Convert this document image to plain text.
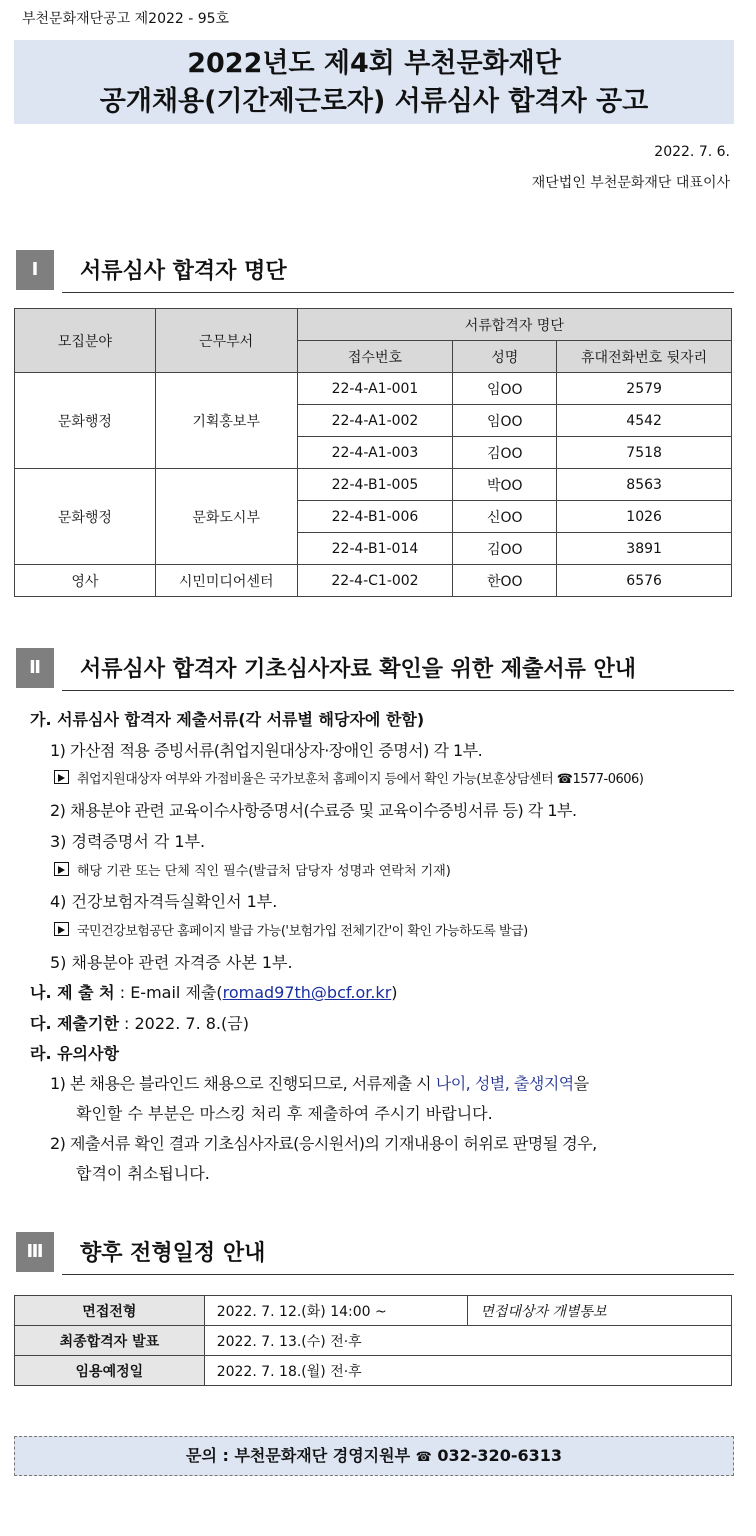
부천문화재단공고 제2022 - 95호
2022년도 제4회 부천문화재단
공개채용(기간제근로자) 서류심사 합격자 공고
2022. 7. 6.
재단법인 부천문화재단 대표이사
Ⅰ	서류심사 합격자 명단
모집분야	근무부서	서류합격자 명단		
		접수번호	성명	휴대전화번호 뒷자리
문화행정	기획홍보부	22-4-A1-001	임OO	2579
		22-4-A1-002	임OO	4542
		22-4-A1-003	김OO	7518
문화행정	문화도시부	22-4-B1-005	박OO	8563
		22-4-B1-006	신OO	1026
		22-4-B1-014	김OO	3891
영사	시민미디어센터	22-4-C1-002	한OO	6576
Ⅱ	서류심사 합격자 기초심사자료 확인을 위한 제출서류 안내
가. 서류심사 합격자 제출서류(각 서류별 해당자에 한함)
1) 가산점 적용 증빙서류(취업지원대상자·장애인 증명서) 각 1부.
취업지원대상자 여부와 가점비율은 국가보훈처 홈페이지 등에서 확인 가능(보훈상담센터 ☎1577-0606)
2) 채용분야 관련 교육이수사항증명서(수료증 및 교육이수증빙서류 등) 각 1부.
3) 경력증명서 각 1부.
해당 기관 또는 단체 직인 필수(발급처 담당자 성명과 연락처 기재)
4) 건강보험자격득실확인서 1부.
국민건강보험공단 홈페이지 발급 가능('보험가입 전체기간'이 확인 가능하도록 발급)
5) 채용분야 관련 자격증 사본 1부.
나. 제 출 처 : E-mail 제출(romad97th@bcf.or.kr)
다. 제출기한 : 2022. 7. 8.(금)
라. 유의사항
1) 본 채용은 블라인드 채용으로 진행되므로, 서류제출 시 나이, 성별, 출생지역을
확인할 수 부분은 마스킹 처리 후 제출하여 주시기 바랍니다.
2) 제출서류 확인 결과 기초심사자료(응시원서)의 기재내용이 허위로 판명될 경우,
합격이 취소됩니다.
Ⅲ	향후 전형일정 안내
면접전형	2022. 7. 12.(화) 14:00 ~	면접대상자 개별통보
최종합격자 발표	2022. 7. 13.(수) 전·후	
임용예정일	2022. 7. 18.(월) 전·후	
문의 : 부천문화재단 경영지원부 ☎ 032-320-6313
